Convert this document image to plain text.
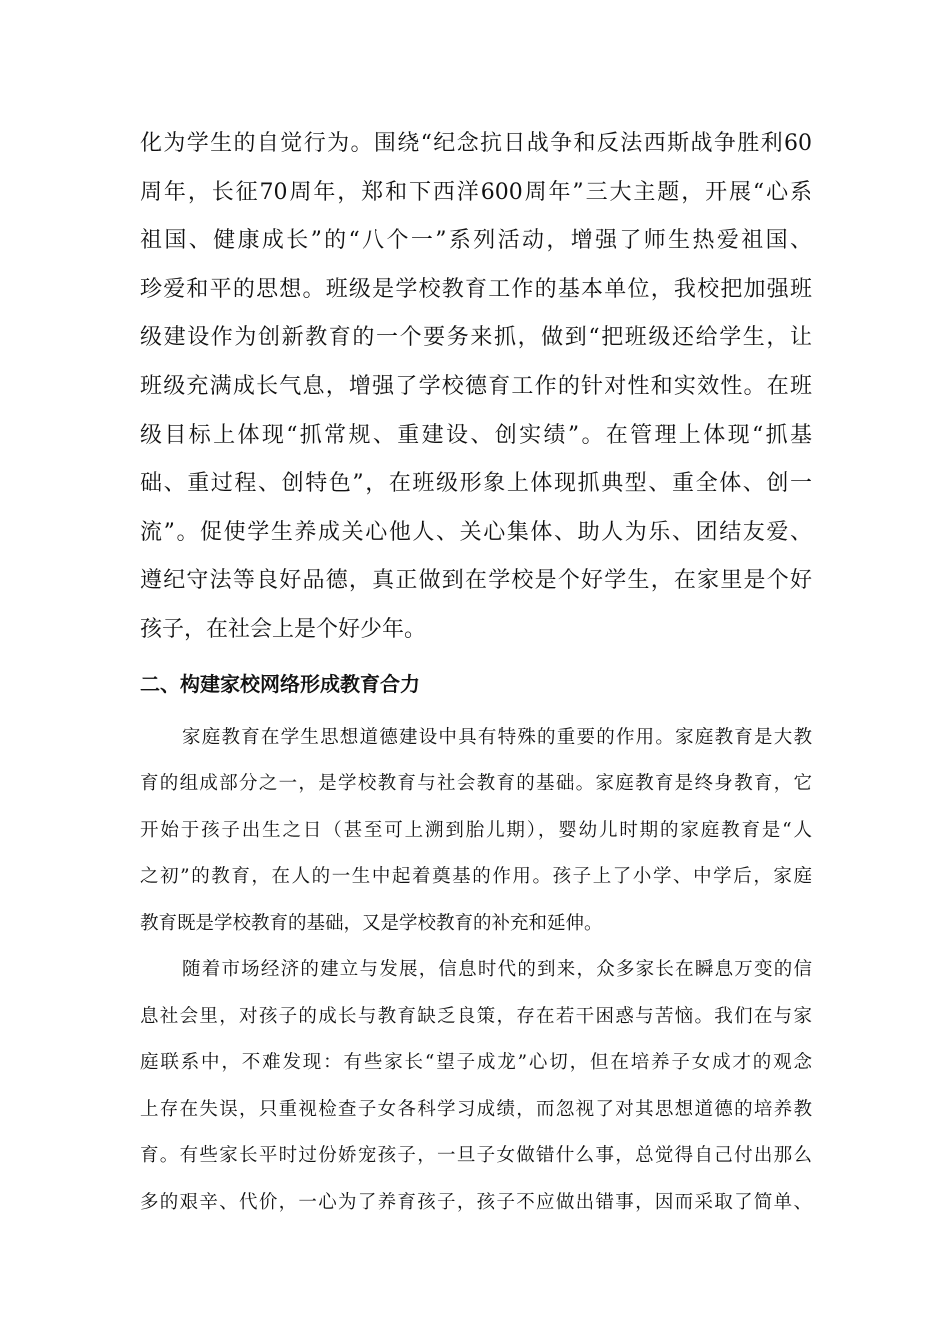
化为学生的自觉行为。围绕“纪念抗日战争和反法西斯战争胜利60
周年，长征70周年，郑和下西洋600周年”三大主题，开展“心系
祖国、健康成长”的“八个一”系列活动，增强了师生热爱祖国、
珍爱和平的思想。班级是学校教育工作的基本单位，我校把加强班
级建设作为创新教育的一个要务来抓，做到“把班级还给学生，让
班级充满成长气息，增强了学校德育工作的针对性和实效性。在班
级目标上体现“抓常规、重建设、创实绩”。在管理上体现“抓基
础、重过程、创特色”，在班级形象上体现抓典型、重全体、创一
流”。促使学生养成关心他人、关心集体、助人为乐、团结友爱、
遵纪守法等良好品德，真正做到在学校是个好学生，在家里是个好
孩子，在社会上是个好少年。
二、构建家校网络形成教育合力
家庭教育在学生思想道德建设中具有特殊的重要的作用。家庭教育是大教
育的组成部分之一，是学校教育与社会教育的基础。家庭教育是终身教育，它
开始于孩子出生之日（甚至可上溯到胎儿期），婴幼儿时期的家庭教育是“人
之初”的教育，在人的一生中起着奠基的作用。孩子上了小学、中学后，家庭
教育既是学校教育的基础，又是学校教育的补充和延伸。
随着市场经济的建立与发展，信息时代的到来，众多家长在瞬息万变的信
息社会里，对孩子的成长与教育缺乏良策，存在若干困惑与苦恼。我们在与家
庭联系中，不难发现：有些家长“望子成龙”心切，但在培养子女成才的观念
上存在失误，只重视检查子女各科学习成绩，而忽视了对其思想道德的培养教
育。有些家长平时过份娇宠孩子，一旦子女做错什么事，总觉得自己付出那么
多的艰辛、代价，一心为了养育孩子，孩子不应做出错事，因而采取了简单、
